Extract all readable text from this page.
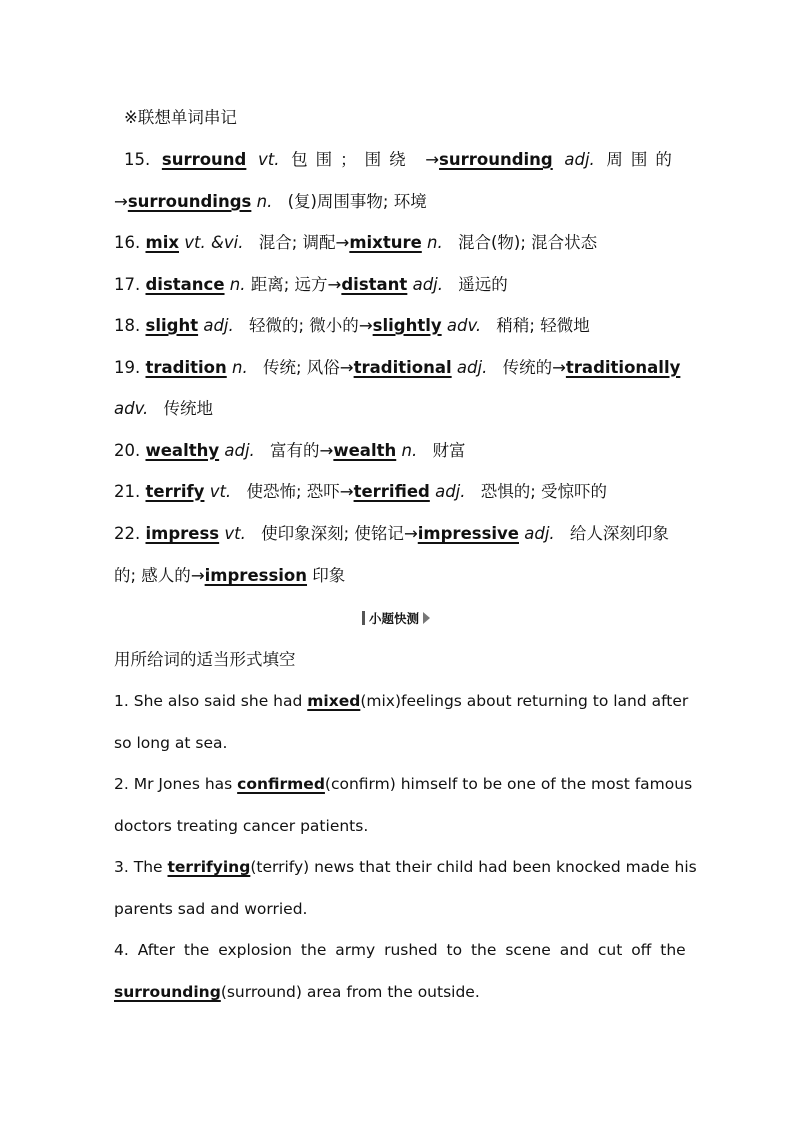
※联想单词串记
15. surround vt. 包围；围绕 →surrounding adj. 周围的
→surroundings n. (复)周围事物; 环境
16. mix vt. &vi. 混合; 调配→mixture n. 混合(物); 混合状态
17. distance n. 距离; 远方→distant adj. 遥远的
18. slight adj. 轻微的; 微小的→slightly adv. 稍稍; 轻微地
19. tradition n. 传统; 风俗→traditional adj. 传统的→traditionally
adv. 传统地
20. wealthy adj. 富有的→wealth n. 财富
21. terrify vt. 使恐怖; 恐吓→terrified adj. 恐惧的; 受惊吓的
22. impress vt. 使印象深刻; 使铭记→impressive adj. 给人深刻印象
的; 感人的→impression 印象
小题快测
用所给词的适当形式填空
1. She also said she had mixed(mix)feelings about returning to land after
so long at sea.
2. Mr Jones has confirmed(confirm) himself to be one of the most famous
doctors treating cancer patients.
3. The terrifying(terrify) news that their child had been knocked made his
parents sad and worried.
4. After the explosion the army rushed to the scene and cut off the
surrounding(surround) area from the outside.
